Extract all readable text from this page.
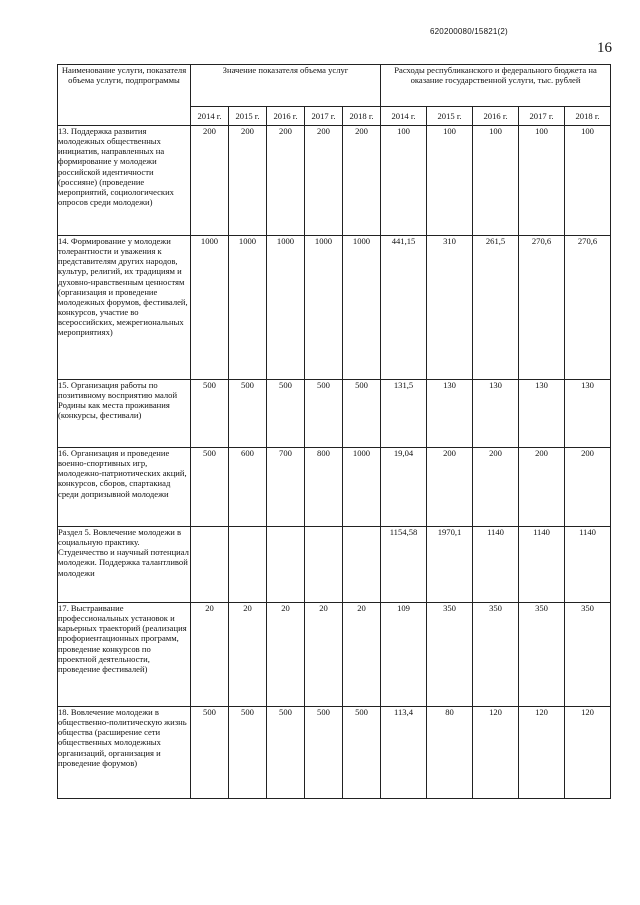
620200080/15821(2)
16
Наименование услуги, показателя объема услуги, подпрограммы	Значение показателя объема услуг					Расходы республиканского и федерального бюджета на оказание государственной услуги, тыс. рублей				
	2014 г.	2015 г.	2016 г.	2017 г.	2018 г.	2014 г.	2015 г.	2016 г.	2017 г.	2018 г.
13. Поддержка развития молодежных общественных инициатив, направленных на формирование у молодежи российской идентичности (россияне) (проведение мероприятий, социологических опросов среди молодежи)	200	200	200	200	200	100	100	100	100	100
14. Формирование у молодежи толерантности и уважения к представителям других народов, культур, религий, их традициям и духовно-нравственным ценностям (организация и проведение молодежных форумов, фестивалей, конкурсов, участие во всероссийских, межрегиональных мероприятиях)	1000	1000	1000	1000	1000	441,15	310	261,5	270,6	270,6
15. Организация работы по позитивному восприятию малой Родины как места проживания (конкурсы, фестивали)	500	500	500	500	500	131,5	130	130	130	130
16. Организация и проведение военно-спортивных игр, молодежно-патриотических акций, конкурсов, сборов, спартакиад среди допризывной молодежи	500	600	700	800	1000	19,04	200	200	200	200
Раздел 5. Вовлечение молодежи в социальную практику. Студенчество и научный потенциал молодежи. Поддержка талантливой молодежи						1154,58	1970,1	1140	1140	1140
17. Выстраивание профессиональных установок и карьерных траекторий (реализация профориентационных программ, проведение конкурсов по проектной деятельности, проведение фестивалей)	20	20	20	20	20	109	350	350	350	350
18. Вовлечение молодежи в общественно-политическую жизнь общества (расширение сети общественных молодежных организаций, организация и проведение форумов)	500	500	500	500	500	113,4	80	120	120	120
